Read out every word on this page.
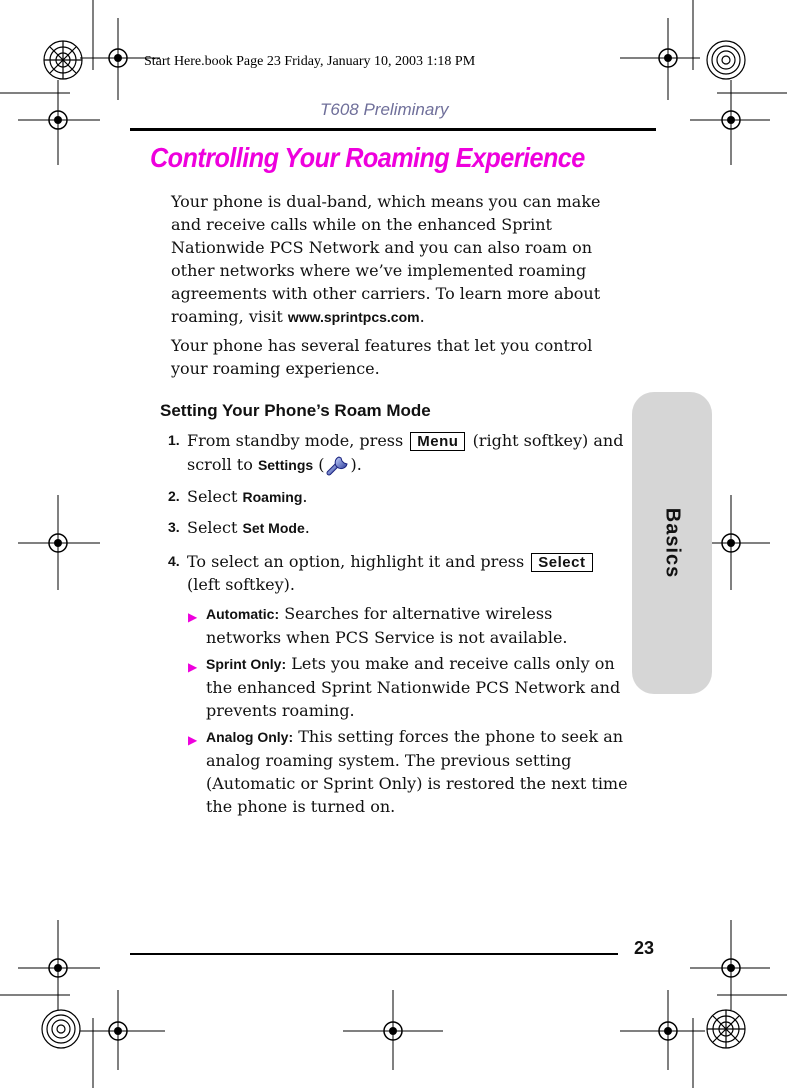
Start Here.book Page 23 Friday, January 10, 2003 1:18 PM
T608 Preliminary
Controlling Your Roaming Experience
Your phone is dual-band, which means you can make and receive calls while on the enhanced Sprint Nationwide PCS Network and you can also roam on other networks where we’ve implemented roaming agreements with other carriers. To learn more about roaming, visit www.sprintpcs.com.
Your phone has several features that let you control your roaming experience.
Setting Your Phone’s Roam Mode
1. From standby mode, press Menu (right softkey) and scroll to Settings ( ).
2. Select Roaming.
3. Select Set Mode.
4. To select an option, highlight it and press Select (left softkey).
▶ Automatic: Searches for alternative wireless networks when PCS Service is not available.
▶ Sprint Only: Lets you make and receive calls only on the enhanced Sprint Nationwide PCS Network and prevents roaming.
▶ Analog Only: This setting forces the phone to seek an analog roaming system. The previous setting (Automatic or Sprint Only) is restored the next time the phone is turned on.
Basics
23
